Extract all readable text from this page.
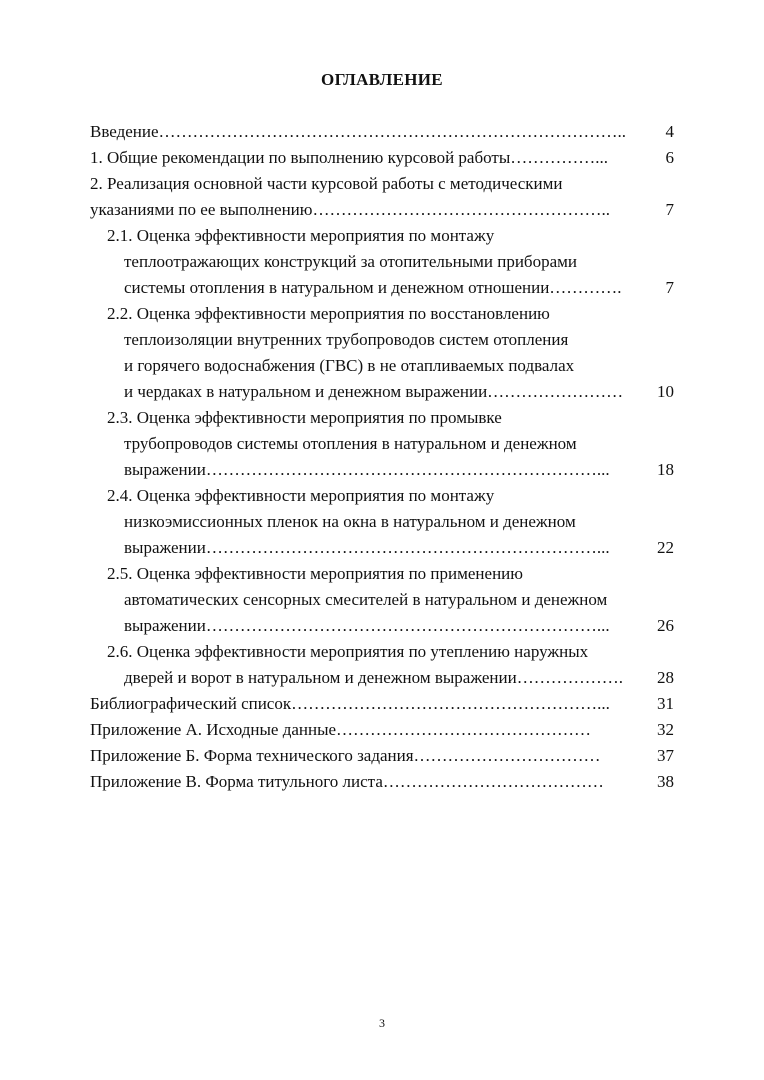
ОГЛАВЛЕНИЕ
Введение………………………………………………………………………..	4
1. Общие рекомендации по выполнению курсовой работы……………...	6
2. Реализация основной части курсовой работы с методическими
указаниями по ее выполнению……………………………………………..	7
2.1. Оценка эффективности мероприятия по монтажу
теплоотражающих конструкций за отопительными приборами
системы отопления в натуральном и денежном отношении………….	7
2.2. Оценка эффективности мероприятия по восстановлению
теплоизоляции внутренних трубопроводов систем отопления
и горячего водоснабжения (ГВС) в не отапливаемых подвалах
и чердаках в натуральном и денежном выражении……………………	10
2.3. Оценка эффективности мероприятия по промывке
трубопроводов системы отопления в натуральном и денежном
выражении……………………………………………………………...	18
2.4. Оценка эффективности мероприятия по монтажу
низкоэмиссионных пленок на окна в натуральном и денежном
выражении……………………………………………………………...	22
2.5. Оценка эффективности мероприятия по применению
автоматических сенсорных смесителей в натуральном и денежном
выражении……………………………………………………………...	26
2.6. Оценка эффективности мероприятия по утеплению наружных
дверей и ворот в натуральном и денежном выражении……………….	28
Библиографический список………………………………………………...	31
Приложение А. Исходные данные………………………………………	32
Приложение Б. Форма технического задания……………………………	37
Приложение В. Форма титульного листа…………………………………	38
3
